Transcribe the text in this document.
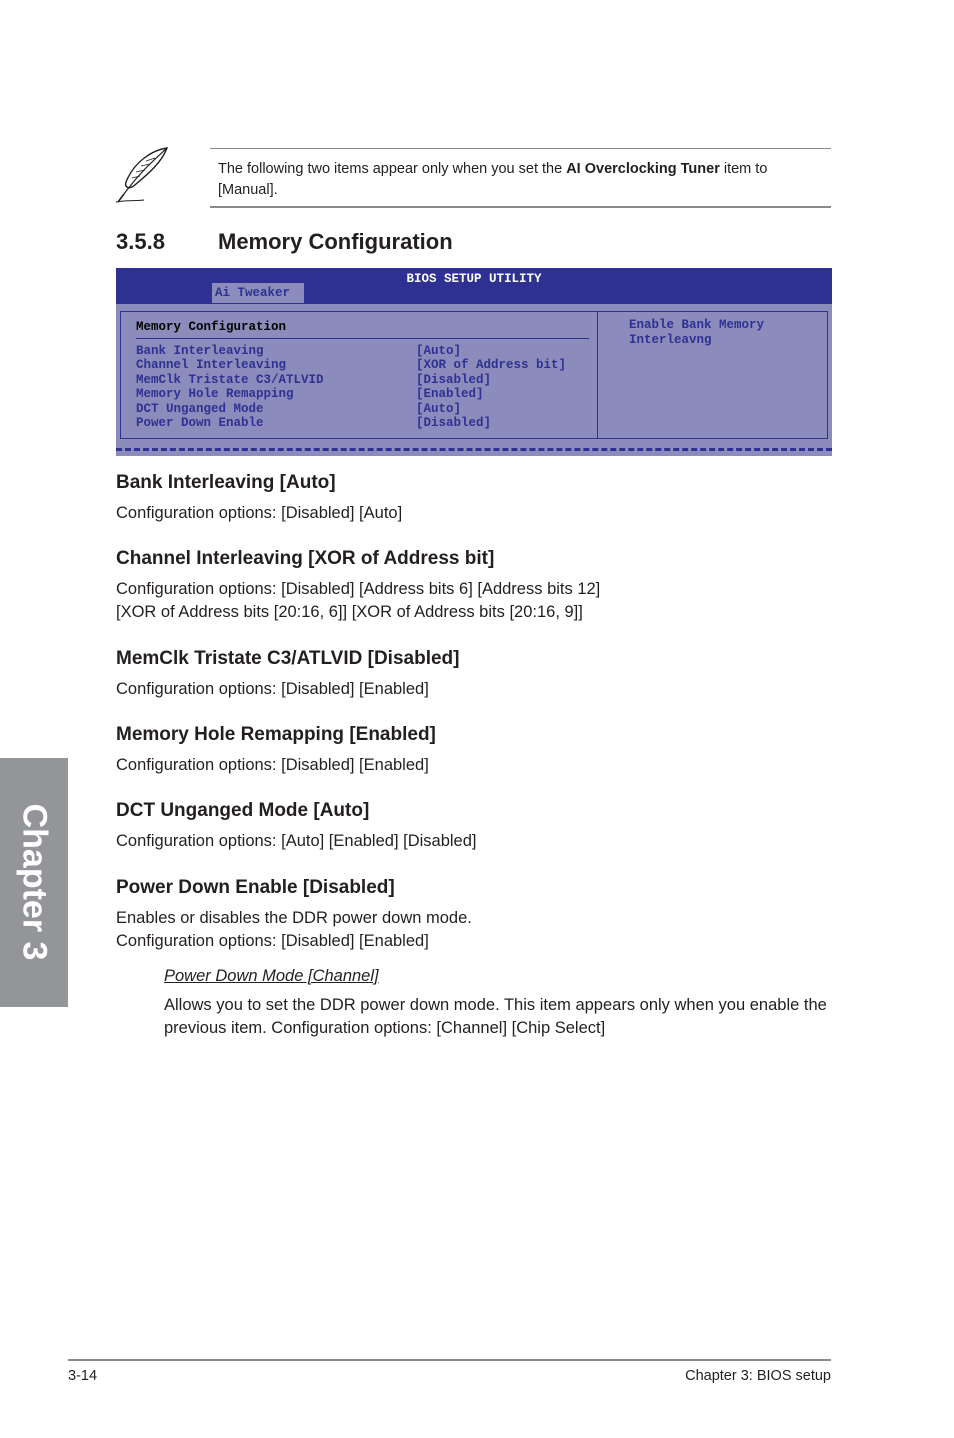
The following two items appear only when you set the AI Overclocking Tuner item to [Manual].
3.5.8 Memory Configuration
BIOS SETUP UTILITY
Ai Tweaker
Memory Configuration
Bank Interleaving	[Auto]
Channel Interleaving	[XOR of Address bit]
MemClk Tristate C3/ATLVID	[Disabled]
Memory Hole Remapping	[Enabled]
DCT Unganged Mode	[Auto]
Power Down Enable	[Disabled]
Enable Bank Memory Interleavng
Bank Interleaving [Auto]
Configuration options: [Disabled] [Auto]
Channel Interleaving [XOR of Address bit]
Configuration options: [Disabled] [Address bits 6] [Address bits 12] [XOR of Address bits [20:16, 6]] [XOR of Address bits [20:16, 9]]
MemClk Tristate C3/ATLVID [Disabled]
Configuration options: [Disabled] [Enabled]
Memory Hole Remapping [Enabled]
Configuration options: [Disabled] [Enabled]
DCT Unganged Mode [Auto]
Configuration options: [Auto] [Enabled] [Disabled]
Power Down Enable [Disabled]
Enables or disables the DDR power down mode.
Configuration options: [Disabled] [Enabled]
Power Down Mode [Channel]
Allows you to set the DDR power down mode. This item appears only when you enable the previous item. Configuration options: [Channel] [Chip Select]
Chapter 3
3-14	Chapter 3: BIOS setup
